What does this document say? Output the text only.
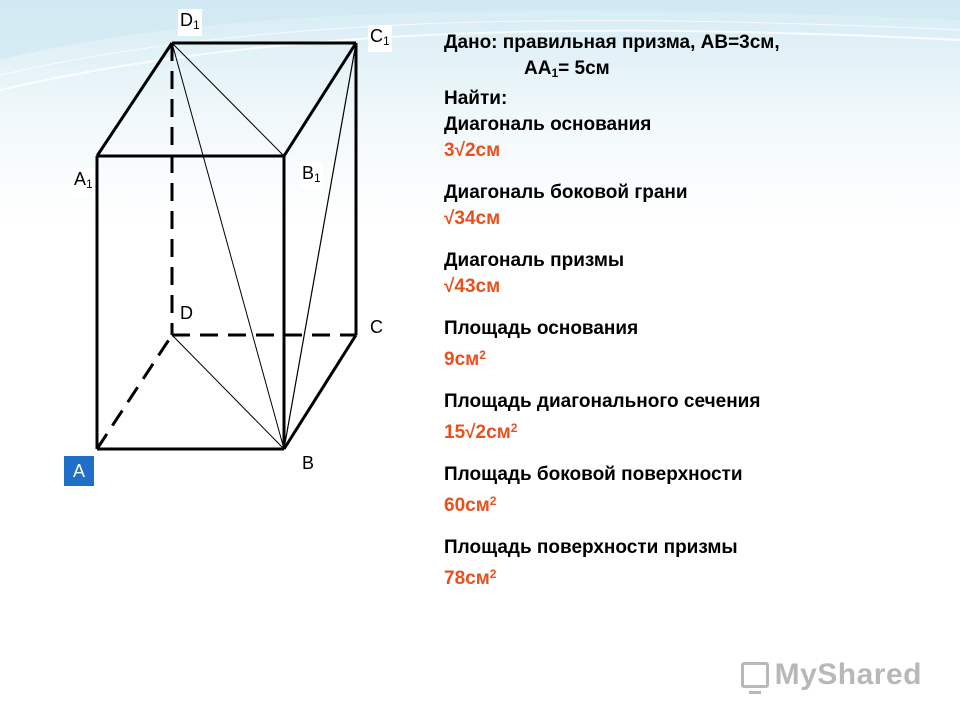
$D_1$
$C_1$
$A_1$
$B_1$
D
C
A	B
Дано: правильная призма, AB=3см,
$AA_1= 5см$
Найти:
Диагональ основания
3√2см
Диагональ боковой грани
√34см
Диагональ призмы
√43см
Площадь основания
$9см^2$
Площадь диагонального сечения
$15√2см^2$
Площадь боковой поверхности
$60см^2$
Площадь поверхности призмы
$78см^2$
MyShared
